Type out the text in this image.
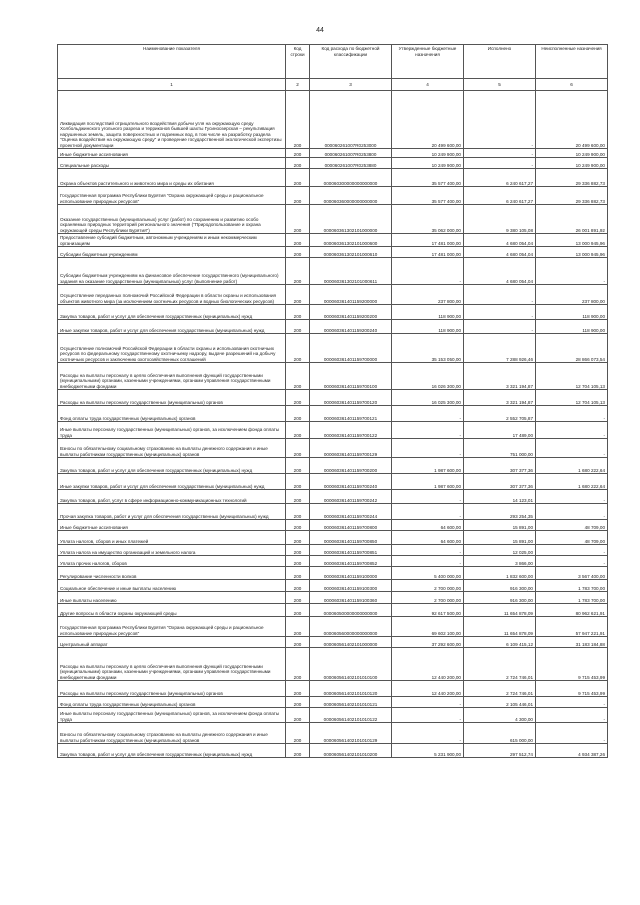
44
Наименование показателя	Код строки	Код расхода по бюджетной классификации	Утвержденные бюджетные назначения	Исполнено	Неисполненные назначения
1	2	3	4	5	6
Ликвидация последствий отрицательного воздействия добычи угля на окружающую среду Холбольджинского угольного разреза и терриконов бывшей шахты Гусиноозерская – рекультивация нарушенных земель, защита поверхностных и подземных вод, в том числе на разработку раздела "Оценка воздействия на окружающую среду" и проведение государственной экологической экспертизы проектной документации	200	000060261007R0253000	20 499 600,00	-	20 499 600,00
Иные бюджетные ассигнования	200	000060261007R0253800	10 249 900,00	-	10 249 900,00
Специальные расходы	200	000060261007R0253880	10 249 900,00	-	10 249 900,00
Охрана объектов растительного и животного мира и среды их обитания	200	000060300000000000000	35 577 400,00	6 240 617,27	29 336 882,73
Государственная программа Республики Бурятия "Охрана окружающей среды и рациональное использование природных ресурсов"	200	000060360000000000000	35 577 400,00	6 240 617,27	29 336 882,73
Оказание государственных (муниципальных) услуг (работ) по сохранению и развитию особо охраняемых природных территорий регионального значения ("Природопользование и охрана окружающей среды Республики Бурятия")	200	000060361302101000000	35 062 000,00	9 380 105,08	26 001 891,92
Предоставление субсидий бюджетным, автономным учреждениям и иным некоммерческим организациям	200	000060361302101000600	17 481 000,00	4 680 054,04	13 000 945,96
Субсидии бюджетным учреждениям	200	000060361302101000610	17 481 000,00	4 680 054,04	13 000 945,96
Субсидии бюджетным учреждениям на финансовое обеспечение государственного (муниципального) задания на оказание государственных (муниципальных) услуг (выполнение работ)	200	000060361302101000611	-	4 680 054,04	-
Осуществление переданных полномочий Российской Федерации в области охраны и использования объектов животного мира (за исключением охотничьих ресурсов и водных биологических ресурсов)	200	000060361401159200000	237 800,00	-	237 800,00
Закупка товаров, работ и услуг для обеспечения государственных (муниципальных) нужд	200	000060361401159200200	118 900,00	-	118 900,00
Иные закупки товаров, работ и услуг для обеспечения государственных (муниципальных) нужд	200	000060361401159200240	118 900,00	-	118 900,00
Осуществление полномочий Российской Федерации в области охраны и использования охотничьих ресурсов по федеральному государственному охотничьему надзору, выдаче разрешений на добычу охотничьих ресурсов и заключению охотхозяйственных соглашений	200	000060361401159700000	35 153 050,00	7 288 926,46	28 866 073,54
Расходы на выплаты персоналу в целях обеспечения выполнения функций государственными (муниципальными) органами, казенными учреждениями, органами управления государственными внебюджетными фондами	200	000060361401159700100	16 026 300,00	3 321 194,87	12 704 105,13
Расходы на выплаты персоналу государственных (муниципальных) органов	200	000060361401159700120	16 025 300,00	3 321 194,87	12 704 105,13
Фонд оплаты труда государственных (муниципальных) органов	200	000060361401159700121	-	2 552 705,87	-
Иные выплаты персоналу государственных (муниципальных) органов, за исключением фонда оплаты труда	200	000060361401159700122	-	17 489,00	-
Взносы по обязательному социальному страхованию на выплаты денежного содержания и иные выплаты работникам государственных (муниципальных) органов	200	000060361401159700129	-	751 000,00	-
Закупка товаров, работ и услуг для обеспечения государственных (муниципальных) нужд	200	000060361401159700200	1 987 600,00	307 377,36	1 680 222,64
Иные закупки товаров, работ и услуг для обеспечения государственных (муниципальных) нужд	200	000060361401159700240	1 987 600,00	307 377,36	1 680 222,64
Закупка товаров, работ, услуг в сфере информационно-коммуникационных технологий	200	000060361401159700242	-	14 123,01	-
Прочая закупка товаров, работ и услуг для обеспечения государственных (муниципальных) нужд	200	000060361401159700244	-	293 254,35	-
Иные бюджетные ассигнования	200	000060361401159700800	64 600,00	15 891,00	48 709,00
Уплата налогов, сборов и иных платежей	200	000060361401159700850	64 600,00	15 891,00	48 709,00
Уплата налога на имущество организаций и земельного налога	200	000060361401159700851	-	12 025,00	-
Уплата прочих налогов, сборов	200	000060361401159700852	-	3 866,00	-
Регулирование численности волков	200	000060361401159100000	5 400 000,00	1 832 600,00	3 567 400,00
Социальное обеспечение и иные выплаты населению	200	000060361401159100300	2 700 000,00	916 300,00	1 783 700,00
Иные выплаты населению	200	000060361401159100360	2 700 000,00	916 300,00	1 783 700,00
Другие вопросы в области охраны окружающей среды	200	000060500000000000000	92 617 500,00	11 654 878,09	80 962 621,91
Государственная программа Республики Бурятия "Охрана окружающей среды и рациональное использование природных ресурсов"	200	000060560000000000000	69 602 100,00	11 654 878,09	57 947 221,91
Центральный аппарат	200	000060561402101000000	37 292 600,00	6 109 415,12	31 183 184,88
Расходы на выплаты персоналу в целях обеспечения выполнения функций государственными (муниципальными) органами, казенными учреждениями, органами управления государственными внебюджетными фондами	200	000060561402101010100	12 440 200,00	2 724 746,01	9 715 453,99
Расходы на выплаты персоналу государственных (муниципальных) органов	200	000060561402101010120	12 440 200,00	2 724 746,01	9 715 453,99
Фонд оплаты труда государственных (муниципальных) органов	200	000060561402101010121	-	2 105 446,01	-
Иные выплаты персоналу государственных (муниципальных) органов, за исключением фонда оплаты труда	200	000060561402101010122	-	4 300,00	-
Взносы по обязательному социальному страхованию на выплаты денежного содержания и иные выплаты работникам государственных (муниципальных) органов	200	000060561402101010129	-	615 000,00	-
Закупка товаров, работ и услуг для обеспечения государственных (муниципальных) нужд	200	000060561402101010200	5 231 900,00	297 512,74	4 934 387,26
